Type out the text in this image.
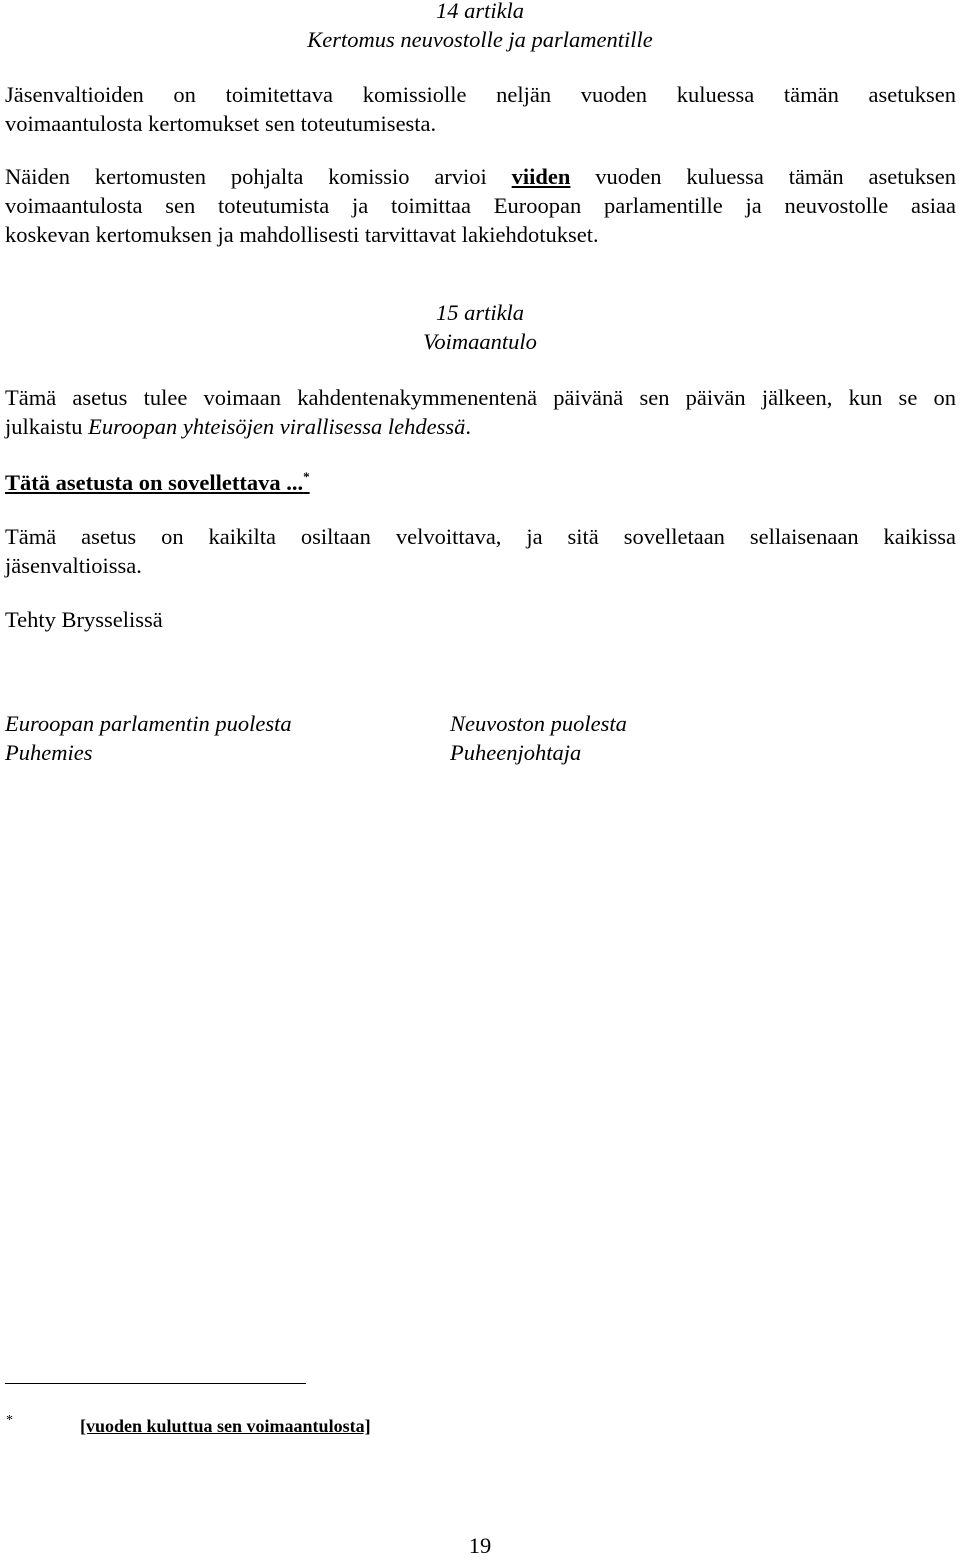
14 artikla
Kertomus neuvostolle ja parlamentille
Jäsenvaltioiden on toimitettava komissiolle neljän vuoden kuluessa tämän asetuksen
voimaantulosta kertomukset sen toteutumisesta.
Näiden kertomusten pohjalta komissio arvioi viiden vuoden kuluessa tämän asetuksen
voimaantulosta sen toteutumista ja toimittaa Euroopan parlamentille ja neuvostolle asiaa
koskevan kertomuksen ja mahdollisesti tarvittavat lakiehdotukset.
15 artikla
Voimaantulo
Tämä asetus tulee voimaan kahdentenakymmenentenä päivänä sen päivän jälkeen, kun se on
julkaistu Euroopan yhteisöjen virallisessa lehdessä.
Tätä asetusta on sovellettava ...*
Tämä asetus on kaikilta osiltaan velvoittava, ja sitä sovelletaan sellaisenaan kaikissa
jäsenvaltioissa.
Tehty Brysselissä
Euroopan parlamentin puolesta
Puhemies
Neuvoston puolesta
Puheenjohtaja
*	[vuoden kuluttua sen voimaantulosta]
19
